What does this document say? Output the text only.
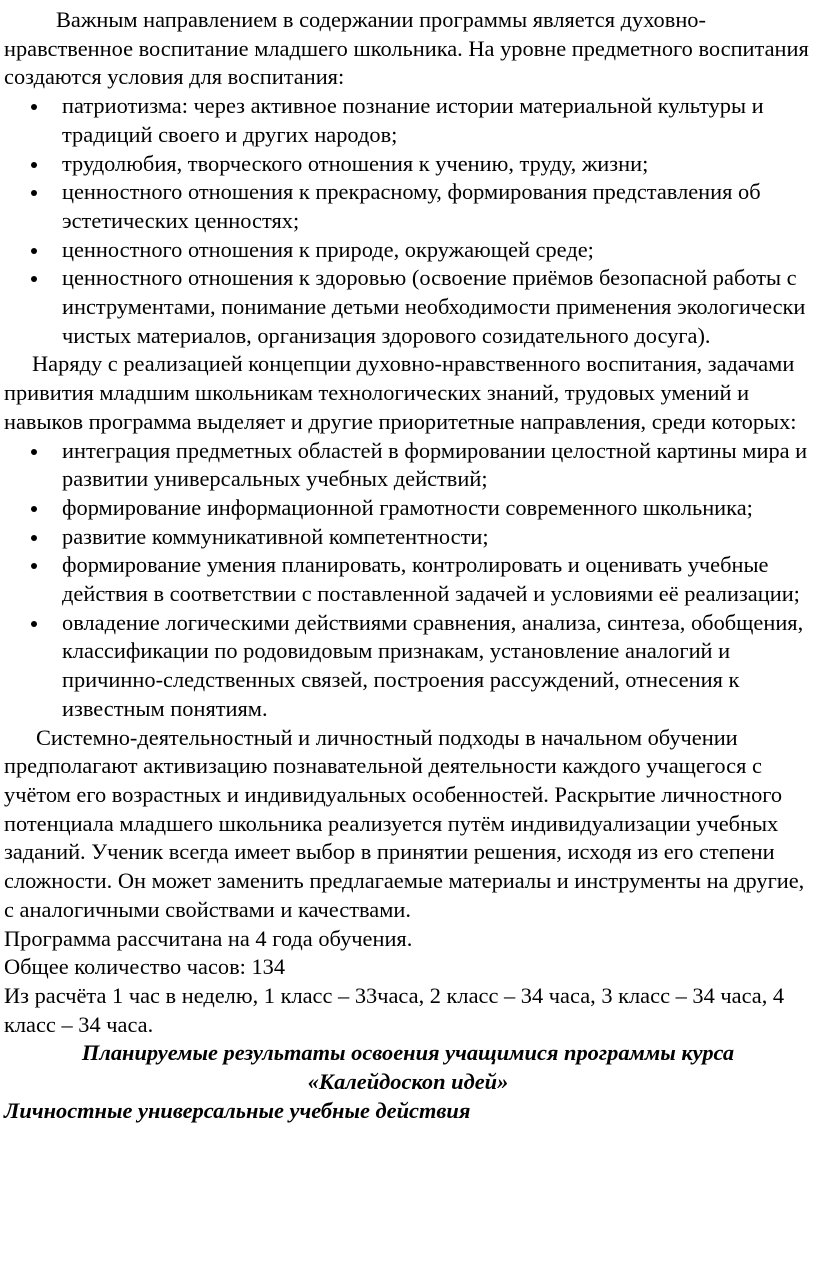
Важным направлением в содержании программы является духовно-нравственное воспитание младшего школьника. На уровне предметного воспитания создаются условия для воспитания:

патриотизма: через активное познание истории материальной культуры и традиций своего и других народов;
трудолюбия, творческого отношения к учению, труду, жизни;
ценностного отношения к прекрасному, формирования представления об эстетических ценностях;
ценностного отношения к природе, окружающей среде;
ценностного отношения к здоровью (освоение приёмов безопасной работы с инструментами, понимание детьми необходимости применения экологически чистых материалов, организация здорового созидательного досуга).

Наряду с реализацией концепции духовно-нравственного воспитания, задачами привития младшим школьникам технологических знаний, трудовых умений и навыков программа выделяет и другие приоритетные направления, среди которых:

интеграция предметных областей в формировании целостной картины мира и развитии универсальных учебных действий;
формирование информационной грамотности современного школьника;
развитие коммуникативной компетентности;
формирование умения планировать, контролировать и оценивать учебные действия в соответствии с поставленной задачей и условиями её реализации;
овладение логическими действиями сравнения, анализа, синтеза, обобщения, классификации по родовидовым признакам, установление аналогий и причинно-следственных связей, построения рассуждений, отнесения к известным понятиям.

Системно-деятельностный и личностный подходы в начальном обучении предполагают активизацию познавательной деятельности каждого учащегося с учётом его возрастных и индивидуальных особенностей. Раскрытие личностного потенциала младшего школьника реализуется путём индивидуализации учебных заданий. Ученик всегда имеет выбор в принятии решения, исходя из его степени сложности. Он может заменить предлагаемые материалы и инструменты на другие, с аналогичными свойствами и качествами.

Программа рассчитана на 4 года обучения.

Общее количество часов: 134

Из расчёта 1 час в неделю, 1 класс – 33часа, 2 класс – 34 часа, 3 класс – 34 часа, 4 класс – 34 часа.

Планируемые результаты освоения учащимися программы курса
«Калейдоскоп идей»

Личностные универсальные учебные действия
